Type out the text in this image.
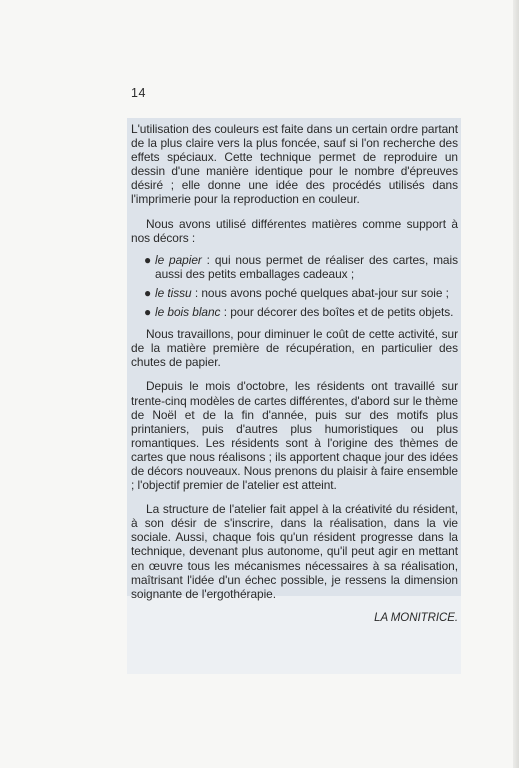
14

L'utilisation des couleurs est faite dans un certain ordre partant de la plus claire vers la plus foncée, sauf si l'on recherche des effets spéciaux. Cette technique permet de reproduire un dessin d'une manière identique pour le nombre d'épreuves désiré ; elle donne une idée des procédés utilisés dans l'imprimerie pour la reproduction en couleur.

Nous avons utilisé différentes matières comme support à nos décors :

● le papier : qui nous permet de réaliser des cartes, mais aussi des petits emballages cadeaux ;
● le tissu : nous avons poché quelques abat-jour sur soie ;
● le bois blanc : pour décorer des boîtes et de petits objets.

Nous travaillons, pour diminuer le coût de cette activité, sur de la matière première de récupération, en particulier des chutes de papier.

Depuis le mois d'octobre, les résidents ont travaillé sur trente-cinq modèles de cartes différentes, d'abord sur le thème de Noël et de la fin d'année, puis sur des motifs plus printaniers, puis d'autres plus humoristiques ou plus romantiques. Les résidents sont à l'origine des thèmes de cartes que nous réalisons ; ils apportent chaque jour des idées de décors nouveaux. Nous prenons du plaisir à faire ensemble ; l'objectif premier de l'atelier est atteint.

La structure de l'atelier fait appel à la créativité du résident, à son désir de s'inscrire, dans la réalisation, dans la vie sociale. Aussi, chaque fois qu'un résident progresse dans la technique, devenant plus autonome, qu'il peut agir en mettant en œuvre tous les mécanismes nécessaires à sa réalisation, maîtrisant l'idée d'un échec possible, je ressens la dimension soignante de l'ergothérapie.

LA MONITRICE.
